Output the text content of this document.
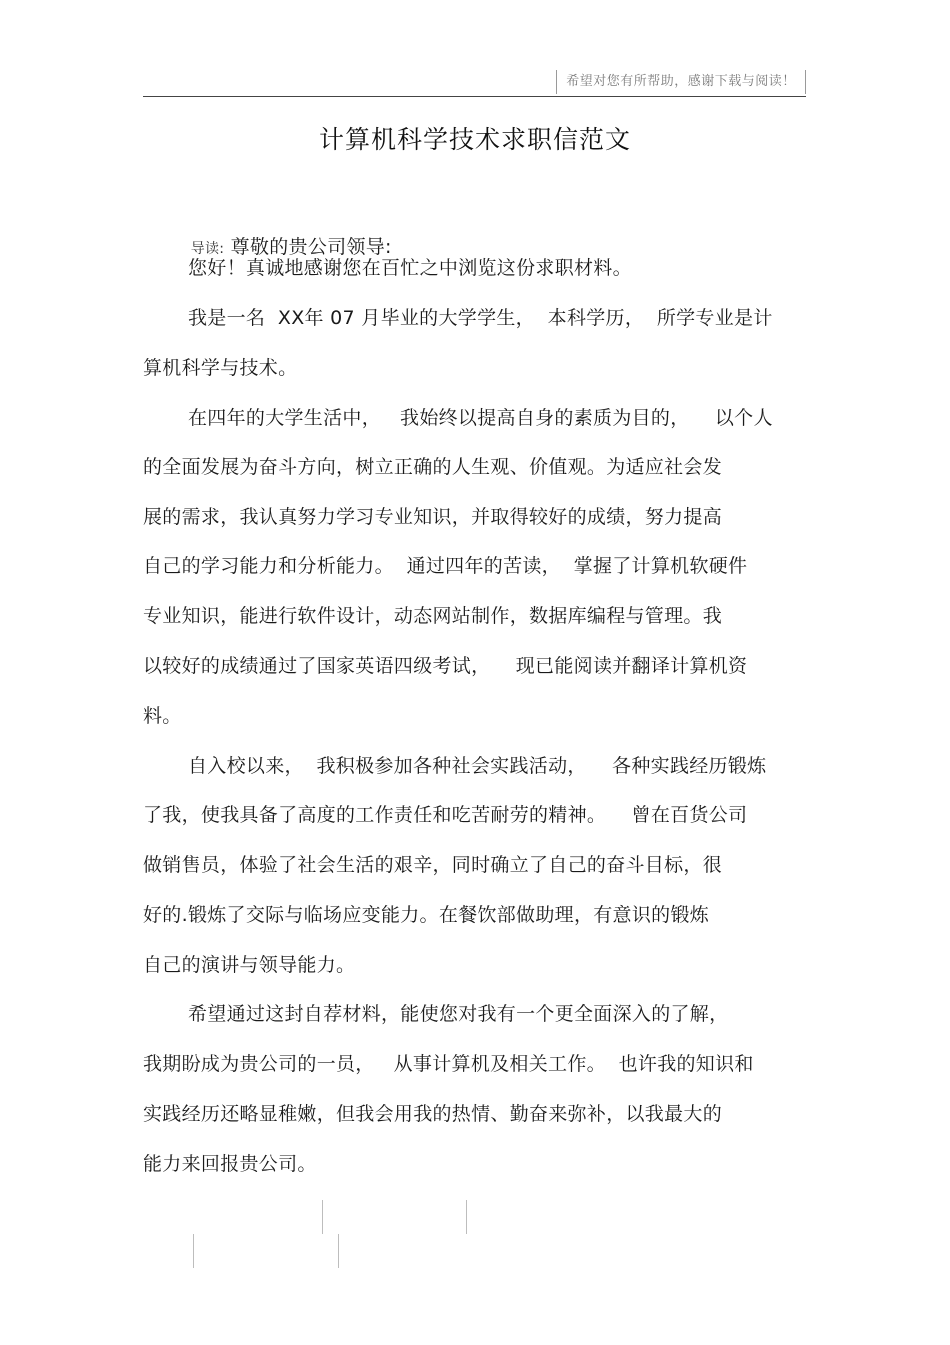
希望对您有所帮助，感谢下载与阅读！
计算机科学技术求职信范文

导读: 尊敬的贵公司领导:

您好！真诚地感谢您在百忙之中浏览这份求职材料。
我是一名  XX年 07 月毕业的大学学生，  本科学历，  所学专业是计
算机科学与技术。
在四年的大学生活中，   我始终以提高自身的素质为目的，    以个人
的全面发展为奋斗方向，树立正确的人生观、价值观。为适应社会发
展的需求，我认真努力学习专业知识，并取得较好的成绩，努力提高
自己的学习能力和分析能力。  通过四年的苦读，  掌握了计算机软硬件
专业知识，能进行软件设计，动态网站制作，数据库编程与管理。我
以较好的成绩通过了国家英语四级考试，    现已能阅读并翻译计算机资
料。
自入校以来，  我积极参加各种社会实践活动，    各种实践经历锻炼
了我，使我具备了高度的工作责任和吃苦耐劳的精神。    曾在百货公司
做销售员，体验了社会生活的艰辛，同时确立了自己的奋斗目标，很
好的.锻炼了交际与临场应变能力。在餐饮部做助理，有意识的锻炼
自己的演讲与领导能力。
希望通过这封自荐材料，能使您对我有一个更全面深入的了解，
我期盼成为贵公司的一员，   从事计算机及相关工作。  也许我的知识和
实践经历还略显稚嫩，但我会用我的热情、勤奋来弥补，以我最大的
能力来回报贵公司。
